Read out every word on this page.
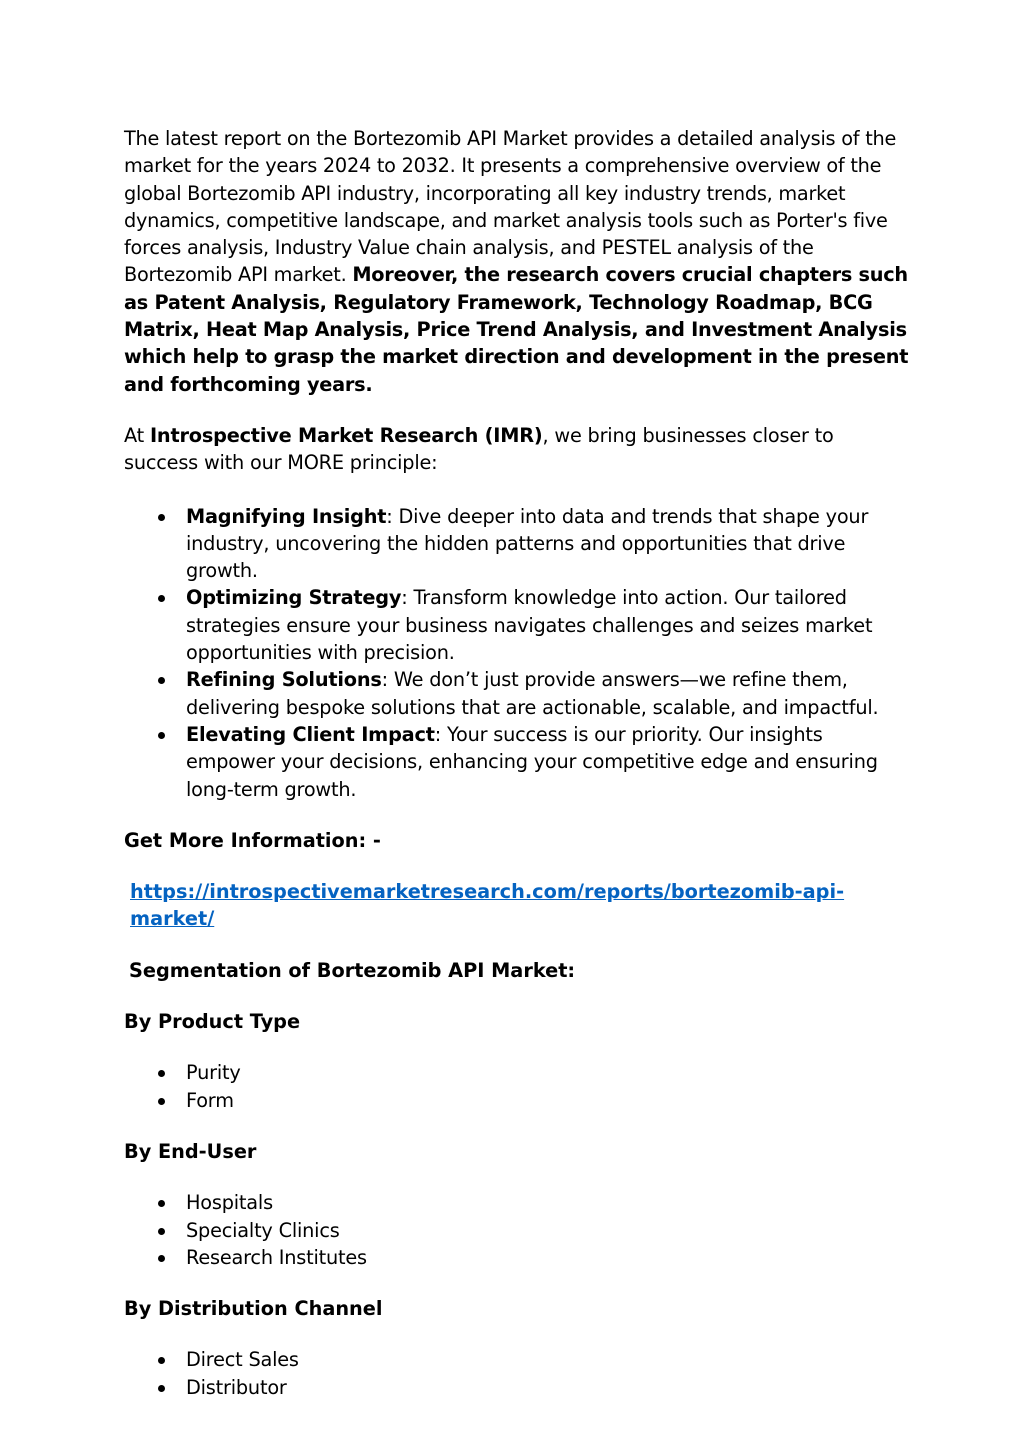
The latest report on the Bortezomib API Market provides a detailed analysis of the market for the years 2024 to 2032. It presents a comprehensive overview of the global Bortezomib API industry, incorporating all key industry trends, market dynamics, competitive landscape, and market analysis tools such as Porter's five forces analysis, Industry Value chain analysis, and PESTEL analysis of the Bortezomib API market. Moreover, the research covers crucial chapters such as Patent Analysis, Regulatory Framework, Technology Roadmap, BCG Matrix, Heat Map Analysis, Price Trend Analysis, and Investment Analysis which help to grasp the market direction and development in the present and forthcoming years.

At Introspective Market Research (IMR), we bring businesses closer to success with our MORE principle:

Magnifying Insight: Dive deeper into data and trends that shape your industry, uncovering the hidden patterns and opportunities that drive growth.
Optimizing Strategy: Transform knowledge into action. Our tailored strategies ensure your business navigates challenges and seizes market opportunities with precision.
Refining Solutions: We don’t just provide answers—we refine them, delivering bespoke solutions that are actionable, scalable, and impactful.
Elevating Client Impact: Your success is our priority. Our insights empower your decisions, enhancing your competitive edge and ensuring long-term growth.

Get More Information: -

https://introspectivemarketresearch.com/reports/bortezomib-api-market/

Segmentation of Bortezomib API Market:

By Product Type

Purity
Form

By End-User

Hospitals
Specialty Clinics
Research Institutes

By Distribution Channel

Direct Sales
Distributor
